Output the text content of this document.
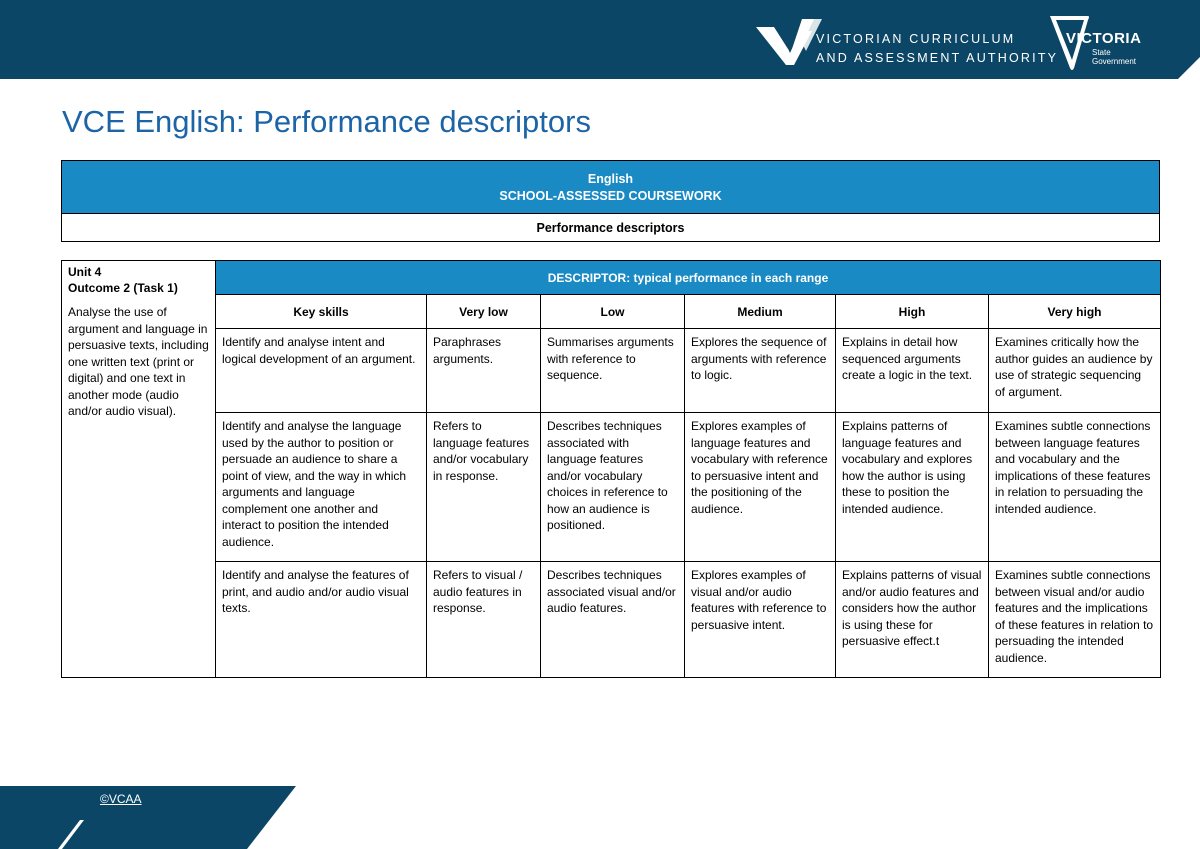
VICTORIAN CURRICULUM
AND ASSESSMENT AUTHORITY
VICTORIA
State
Government
VCE English: Performance descriptors
English
SCHOOL-ASSESSED COURSEWORK
Performance descriptors
Unit 4
Outcome 2 (Task 1)
Analyse the use of argument and language in persuasive texts, including one written text (print or digital) and one text in another mode (audio and/or audio visual).	DESCRIPTOR: typical performance in each range					
	Key skills	Very low	Low	Medium	High	Very high
	Identify and analyse intent and logical development of an argument.	Paraphrases arguments.	Summarises arguments with reference to sequence.	Explores the sequence of arguments with reference to logic.	Explains in detail how sequenced arguments create a logic in the text.	Examines critically how the author guides an audience by use of strategic sequencing of argument.
	Identify and analyse the language used by the author to position or persuade an audience to share a point of view, and the way in which arguments and language complement one another and interact to position the intended audience.	Refers to language features and/or vocabulary in response.	Describes techniques associated with language features and/or vocabulary choices in reference to how an audience is positioned.	Explores examples of language features and vocabulary with reference to persuasive intent and the positioning of the audience.	Explains patterns of language features and vocabulary and explores how the author is using these to position the intended audience.	Examines subtle connections between language features and vocabulary and the implications of these features in relation to persuading the intended audience.
	Identify and analyse the features of print, and audio and/or audio visual texts.	Refers to visual / audio features in response.	Describes techniques associated visual and/or audio features.	Explores examples of visual and/or audio features with reference to persuasive intent.	Explains patterns of visual and/or audio features and considers how the author is using these for persuasive effect.t	Examines subtle connections between visual and/or audio features and the implications of these features in relation to persuading the intended audience.
©VCAA
